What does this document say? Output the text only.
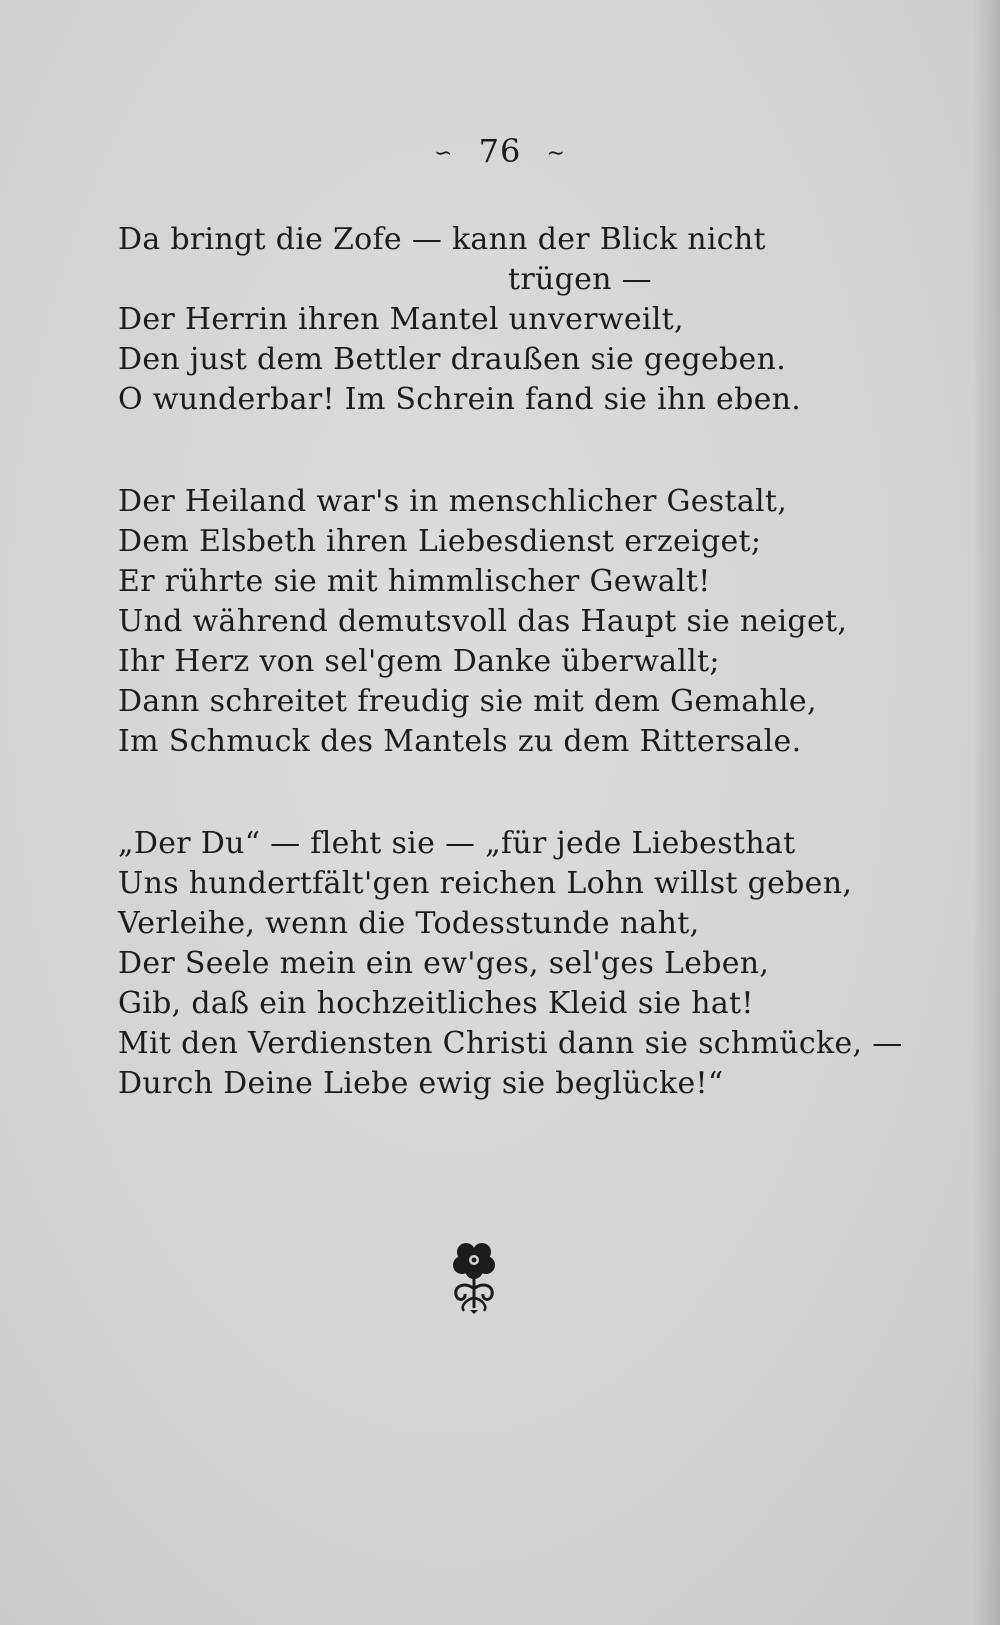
∽ 76 ∼
Da bringt die Zofe — kann der Blick nicht
trügen —
Der Herrin ihren Mantel unverweilt,
Den just dem Bettler draußen sie gegeben.
O wunderbar! Im Schrein fand sie ihn eben.
Der Heiland war's in menschlicher Gestalt,
Dem Elsbeth ihren Liebesdienst erzeiget;
Er rührte sie mit himmlischer Gewalt!
Und während demutsvoll das Haupt sie neiget,
Ihr Herz von sel'gem Danke überwallt;
Dann schreitet freudig sie mit dem Gemahle,
Im Schmuck des Mantels zu dem Rittersale.
„Der Du“ — fleht sie — „für jede Liebesthat
Uns hundertfält'gen reichen Lohn willst geben,
Verleihe, wenn die Todesstunde naht,
Der Seele mein ein ew'ges, sel'ges Leben,
Gib, daß ein hochzeitliches Kleid sie hat!
Mit den Verdiensten Christi dann sie schmücke, —
Durch Deine Liebe ewig sie beglücke!“
